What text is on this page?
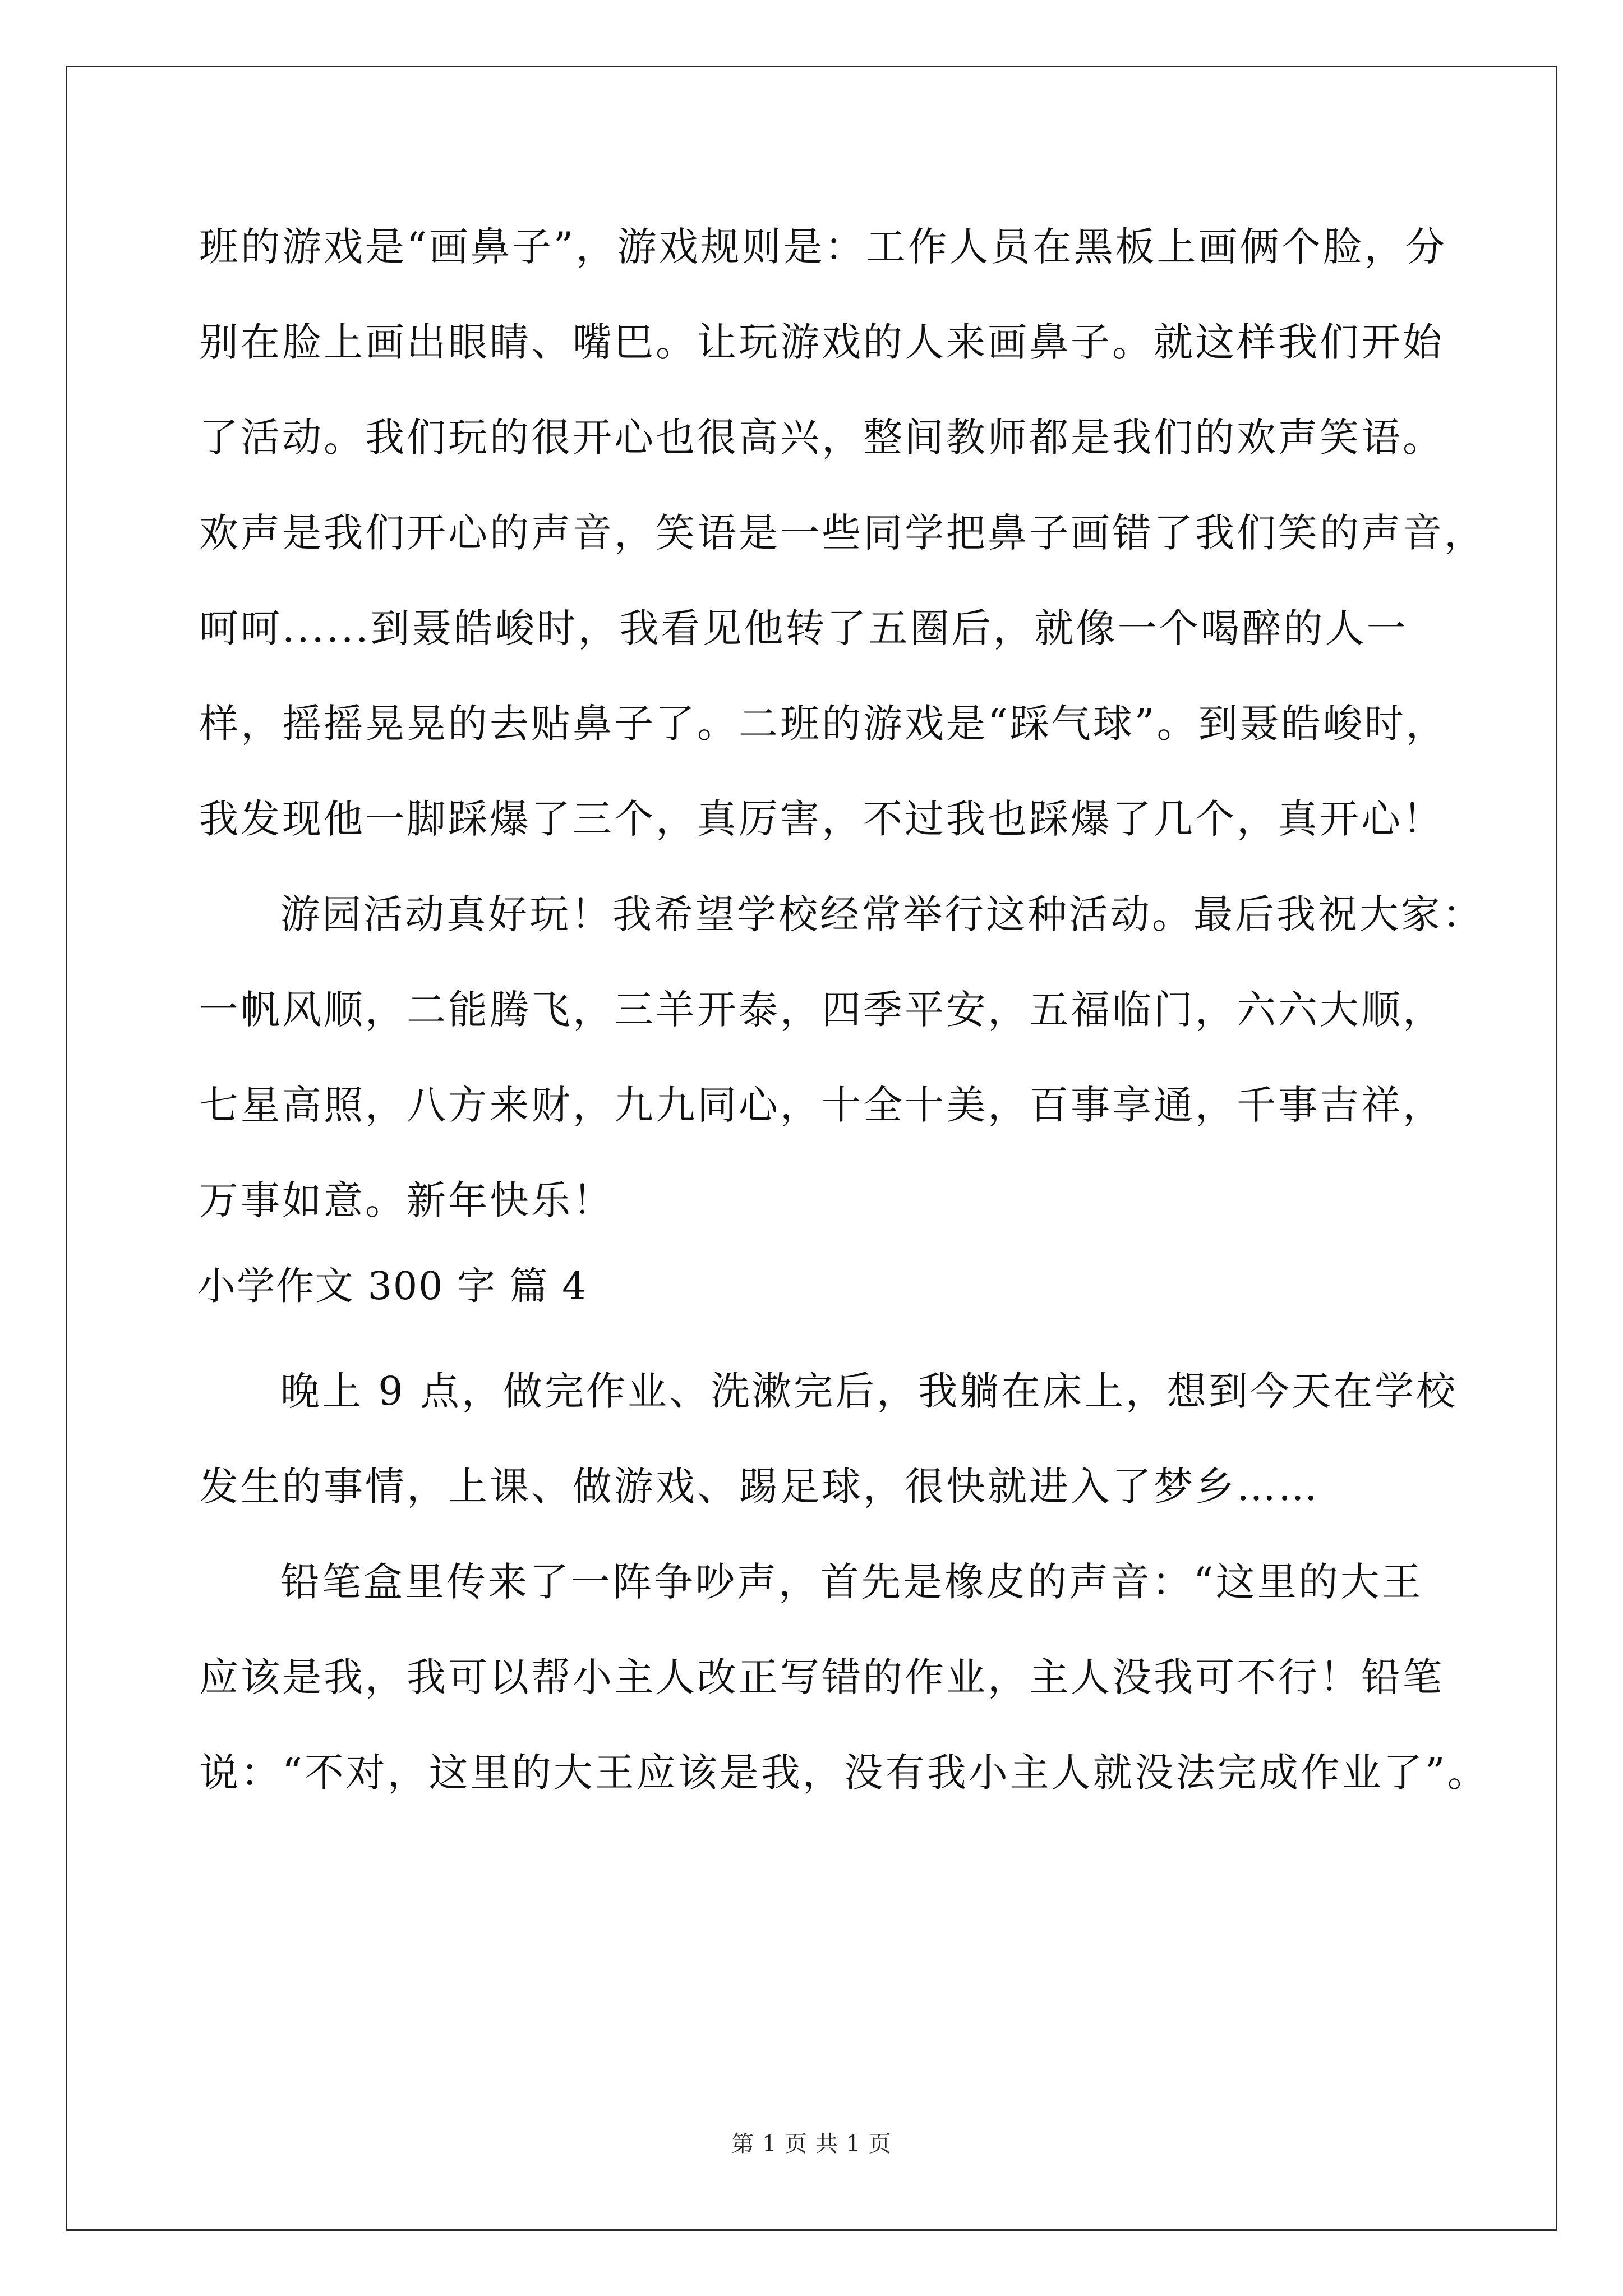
班的游戏是“画鼻子”，游戏规则是：工作人员在黑板上画俩个脸，分
别在脸上画出眼睛、嘴巴。让玩游戏的人来画鼻子。就这样我们开始
了活动。我们玩的很开心也很高兴，整间教师都是我们的欢声笑语。
欢声是我们开心的声音，笑语是一些同学把鼻子画错了我们笑的声音，
呵呵......到聂皓峻时，我看见他转了五圈后，就像一个喝醉的人一
样，摇摇晃晃的去贴鼻子了。二班的游戏是“踩气球”。到聂皓峻时，
我发现他一脚踩爆了三个，真厉害，不过我也踩爆了几个，真开心！
游园活动真好玩！我希望学校经常举行这种活动。最后我祝大家：
一帆风顺，二能腾飞，三羊开泰，四季平安，五福临门，六六大顺，
七星高照，八方来财，九九同心，十全十美，百事享通，千事吉祥，
万事如意。新年快乐！
小学作文 300 字 篇 4
晚上 9 点，做完作业、洗漱完后，我躺在床上，想到今天在学校
发生的事情，上课、做游戏、踢足球，很快就进入了梦乡……
铅笔盒里传来了一阵争吵声，首先是橡皮的声音：“这里的大王
应该是我，我可以帮小主人改正写错的作业，主人没我可不行！铅笔
说：“不对，这里的大王应该是我，没有我小主人就没法完成作业了”。
第 1 页 共 1 页
